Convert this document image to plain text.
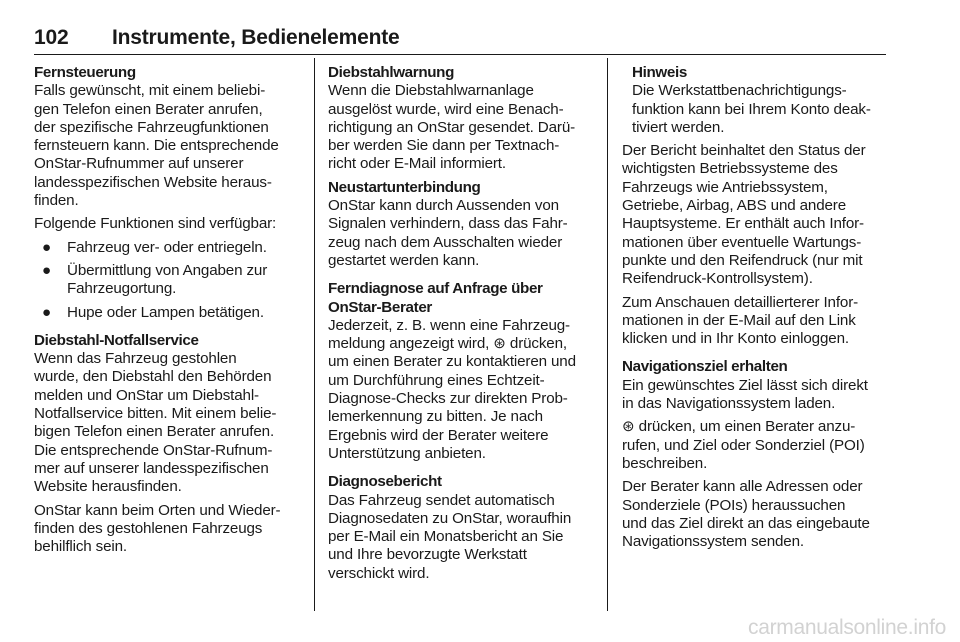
102 Instrumente, Bedienelemente
Fernsteuerung
Falls gewünscht, mit einem beliebi-
gen Telefon einen Berater anrufen,
der spezifische Fahrzeugfunktionen
fernsteuern kann. Die entsprechende
OnStar-Rufnummer auf unserer
landesspezifischen Website heraus-
finden.
Folgende Funktionen sind verfügbar:
●	Fahrzeug ver- oder entriegeln.
●	Übermittlung von Angaben zur
Fahrzeugortung.
●	Hupe oder Lampen betätigen.
Diebstahl-Notfallservice
Wenn das Fahrzeug gestohlen
wurde, den Diebstahl den Behörden
melden und OnStar um Diebstahl-
Notfallservice bitten. Mit einem belie-
bigen Telefon einen Berater anrufen.
Die entsprechende OnStar-Rufnum-
mer auf unserer landesspezifischen
Website herausfinden.
OnStar kann beim Orten und Wieder-
finden des gestohlenen Fahrzeugs
behilflich sein.
Diebstahlwarnung
Wenn die Diebstahlwarnanlage
ausgelöst wurde, wird eine Benach-
richtigung an OnStar gesendet. Darü-
ber werden Sie dann per Textnach-
richt oder E-Mail informiert.
Neustartunterbindung
OnStar kann durch Aussenden von
Signalen verhindern, dass das Fahr-
zeug nach dem Ausschalten wieder
gestartet werden kann.
Ferndiagnose auf Anfrage über
OnStar-Berater
Jederzeit, z. B. wenn eine Fahrzeug-
meldung angezeigt wird, ⊛ drücken,
um einen Berater zu kontaktieren und
um Durchführung eines Echtzeit-
Diagnose-Checks zur direkten Prob-
lemerkennung zu bitten. Je nach
Ergebnis wird der Berater weitere
Unterstützung anbieten.
Diagnosebericht
Das Fahrzeug sendet automatisch
Diagnosedaten zu OnStar, woraufhin
per E-Mail ein Monatsbericht an Sie
und Ihre bevorzugte Werkstatt
verschickt wird.
Hinweis
Die Werkstattbenachrichtigungs-
funktion kann bei Ihrem Konto deak-
tiviert werden.
Der Bericht beinhaltet den Status der
wichtigsten Betriebssysteme des
Fahrzeugs wie Antriebssystem,
Getriebe, Airbag, ABS und andere
Hauptsysteme. Er enthält auch Infor-
mationen über eventuelle Wartungs-
punkte und den Reifendruck (nur mit
Reifendruck-Kontrollsystem).
Zum Anschauen detaillierterer Infor-
mationen in der E-Mail auf den Link
klicken und in Ihr Konto einloggen.
Navigationsziel erhalten
Ein gewünschtes Ziel lässt sich direkt
in das Navigationssystem laden.
⊛ drücken, um einen Berater anzu-
rufen, und Ziel oder Sonderziel (POI)
beschreiben.
Der Berater kann alle Adressen oder
Sonderziele (POIs) heraussuchen
und das Ziel direkt an das eingebaute
Navigationssystem senden.
carmanualsonline.info
